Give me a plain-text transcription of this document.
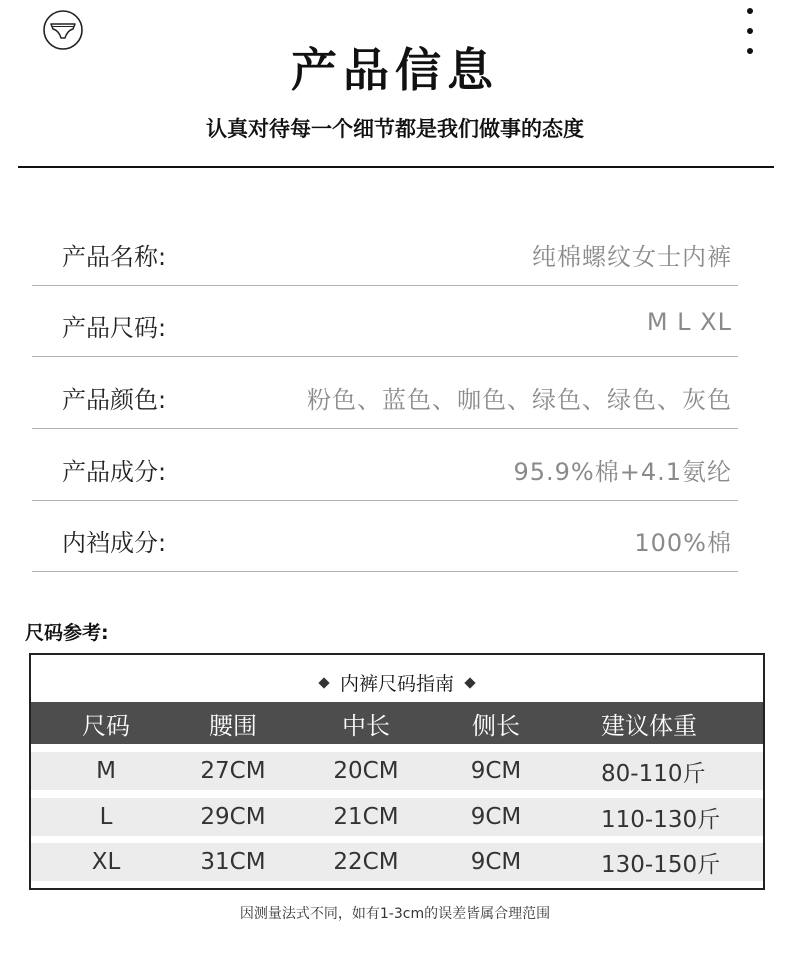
产品信息
认真对待每一个细节都是我们做事的态度
产品名称:	纯棉螺纹女士内裤
产品尺码:	M L XL
产品颜色:	粉色、蓝色、咖色、绿色、绿色、灰色
产品成分:	95.9%棉+4.1氨纶
内裆成分:	100%棉
尺码参考:
内裤尺码指南
尺码	腰围	中长	侧长	建议体重
M	27CM	20CM	9CM	80-110斤
L	29CM	21CM	9CM	110-130斤
XL	31CM	22CM	9CM	130-150斤
因测量法式不同，如有1-3cm的误差皆属合理范围
